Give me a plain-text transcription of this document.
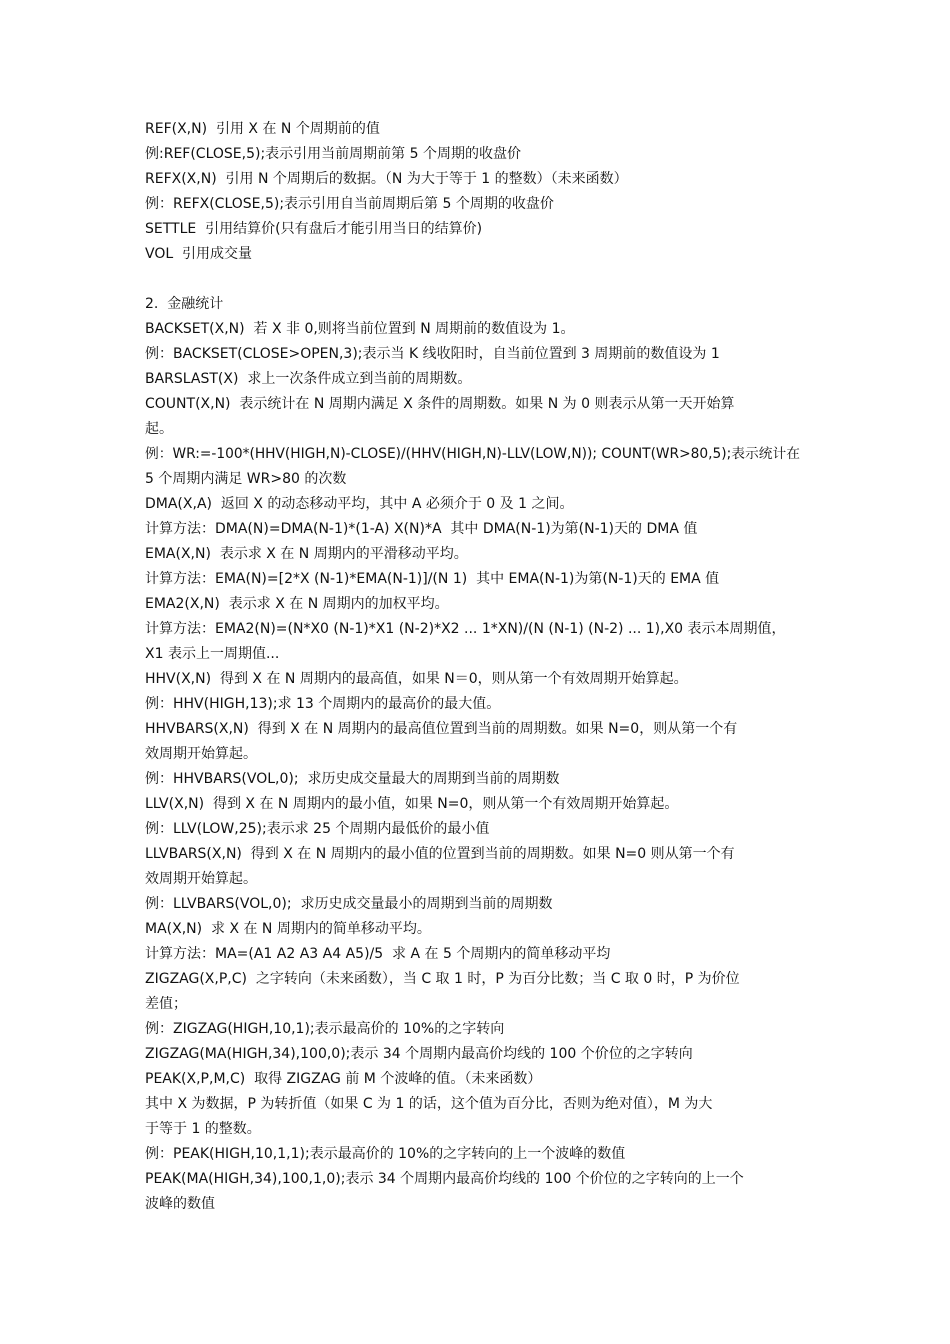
REF(X,N)  引用 X 在 N 个周期前的值
例:REF(CLOSE,5);表示引用当前周期前第 5 个周期的收盘价
REFX(X,N)  引用 N 个周期后的数据。（N 为大于等于 1 的整数）（未来函数）
例：REFX(CLOSE,5);表示引用自当前周期后第 5 个周期的收盘价
SETTLE  引用结算价(只有盘后才能引用当日的结算价)
VOL  引用成交量
2.  金融统计
BACKSET(X,N)  若 X 非 0,则将当前位置到 N 周期前的数值设为 1。
例：BACKSET(CLOSE>OPEN,3);表示当 K 线收阳时，自当前位置到 3 周期前的数值设为 1
BARSLAST(X)  求上一次条件成立到当前的周期数。
COUNT(X,N)  表示统计在 N 周期内满足 X 条件的周期数。如果 N 为 0 则表示从第一天开始算
起。
例：WR:=-100*(HHV(HIGH,N)-CLOSE)/(HHV(HIGH,N)-LLV(LOW,N)); COUNT(WR>80,5);表示统计在
5 个周期内满足 WR>80 的次数
DMA(X,A)  返回 X 的动态移动平均，其中 A 必须介于 0 及 1 之间。
计算方法：DMA(N)=DMA(N-1)*(1-A) X(N)*A  其中 DMA(N-1)为第(N-1)天的 DMA 值
EMA(X,N)  表示求 X 在 N 周期内的平滑移动平均。
计算方法：EMA(N)=[2*X (N-1)*EMA(N-1)]/(N 1)  其中 EMA(N-1)为第(N-1)天的 EMA 值
EMA2(X,N)  表示求 X 在 N 周期内的加权平均。
计算方法：EMA2(N)=(N*X0 (N-1)*X1 (N-2)*X2 ... 1*XN)/(N (N-1) (N-2) ... 1),X0 表示本周期值，
X1 表示上一周期值...
HHV(X,N)  得到 X 在 N 周期内的最高值，如果 N＝0，则从第一个有效周期开始算起。
例：HHV(HIGH,13);求 13 个周期内的最高价的最大值。
HHVBARS(X,N)  得到 X 在 N 周期内的最高值位置到当前的周期数。如果 N=0，则从第一个有
效周期开始算起。
例：HHVBARS(VOL,0);  求历史成交量最大的周期到当前的周期数
LLV(X,N)  得到 X 在 N 周期内的最小值，如果 N=0，则从第一个有效周期开始算起。
例：LLV(LOW,25);表示求 25 个周期内最低价的最小值
LLVBARS(X,N)  得到 X 在 N 周期内的最小值的位置到当前的周期数。如果 N=0 则从第一个有
效周期开始算起。
例：LLVBARS(VOL,0);  求历史成交量最小的周期到当前的周期数
MA(X,N)  求 X 在 N 周期内的简单移动平均。
计算方法：MA=(A1 A2 A3 A4 A5)/5  求 A 在 5 个周期内的简单移动平均
ZIGZAG(X,P,C)  之字转向（未来函数），当 C 取 1 时，P 为百分比数；当 C 取 0 时，P 为价位
差值；
例：ZIGZAG(HIGH,10,1);表示最高价的 10%的之字转向
ZIGZAG(MA(HIGH,34),100,0);表示 34 个周期内最高价均线的 100 个价位的之字转向
PEAK(X,P,M,C)  取得 ZIGZAG 前 M 个波峰的值。（未来函数）
其中 X 为数据，P 为转折值（如果 C 为 1 的话，这个值为百分比，否则为绝对值），M 为大
于等于 1 的整数。
例：PEAK(HIGH,10,1,1);表示最高价的 10%的之字转向的上一个波峰的数值
PEAK(MA(HIGH,34),100,1,0);表示 34 个周期内最高价均线的 100 个价位的之字转向的上一个
波峰的数值
